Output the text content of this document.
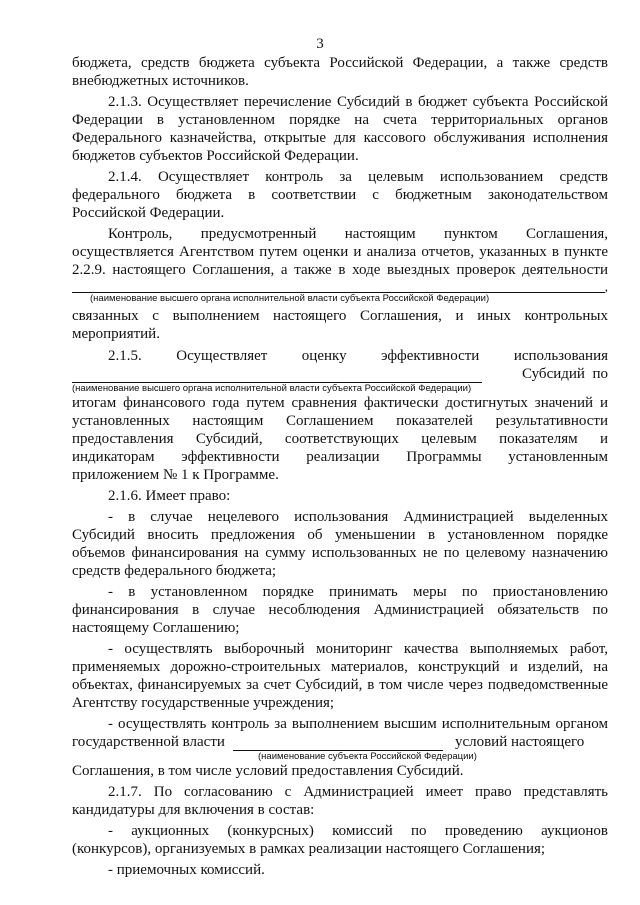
3
бюджета, средств бюджета субъекта Российской Федерации, а также средств
внебюджетных источников.
2.1.3. Осуществляет перечисление Субсидий в бюджет субъекта Российской
Федерации в установленном порядке на счета территориальных органов
Федерального казначейства, открытые для кассового обслуживания исполнения
бюджетов субъектов Российской Федерации.
2.1.4. Осуществляет контроль за целевым использованием средств
федерального бюджета в соответствии с бюджетным законодательством
Российской Федерации.
Контроль, предусмотренный настоящим пунктом Соглашения,
осуществляется Агентством путем оценки и анализа отчетов, указанных в пункте
2.2.9. настоящего Соглашения, а также в ходе выездных проверок деятельности
,
(наименование высшего органа исполнительной власти субъекта Российской Федерации)
связанных с выполнением настоящего Соглашения, и иных контрольных
мероприятий.
2.1.5. Осуществляет оценку эффективности использования
Субсидий по
(наименование высшего органа исполнительной власти субъекта Российской Федерации)
итогам финансового года путем сравнения фактически достигнутых значений и
установленных настоящим Соглашением показателей результативности
предоставления Субсидий, соответствующих целевым показателям и
индикаторам эффективности реализации Программы установленным
приложением № 1 к Программе.
2.1.6. Имеет право:
- в случае нецелевого использования Администрацией выделенных
Субсидий вносить предложения об уменьшении в установленном порядке
объемов финансирования на сумму использованных не по целевому назначению
средств федерального бюджета;
- в установленном порядке принимать меры по приостановлению
финансирования в случае несоблюдения Администрацией обязательств по
настоящему Соглашению;
- осуществлять выборочный мониторинг качества выполняемых работ,
применяемых дорожно-строительных материалов, конструкций и изделий, на
объектах, финансируемых за счет Субсидий, в том числе через подведомственные
Агентству государственные учреждения;
- осуществлять контроль за выполнением высшим исполнительным органом
государственной власти	условий настоящего
(наименование субъекта Российской Федерации)
Соглашения, в том числе условий предоставления Субсидий.
2.1.7. По согласованию с Администрацией имеет право представлять
кандидатуры для включения в состав:
- аукционных (конкурсных) комиссий по проведению аукционов
(конкурсов), организуемых в рамках реализации настоящего Соглашения;
- приемочных комиссий.
